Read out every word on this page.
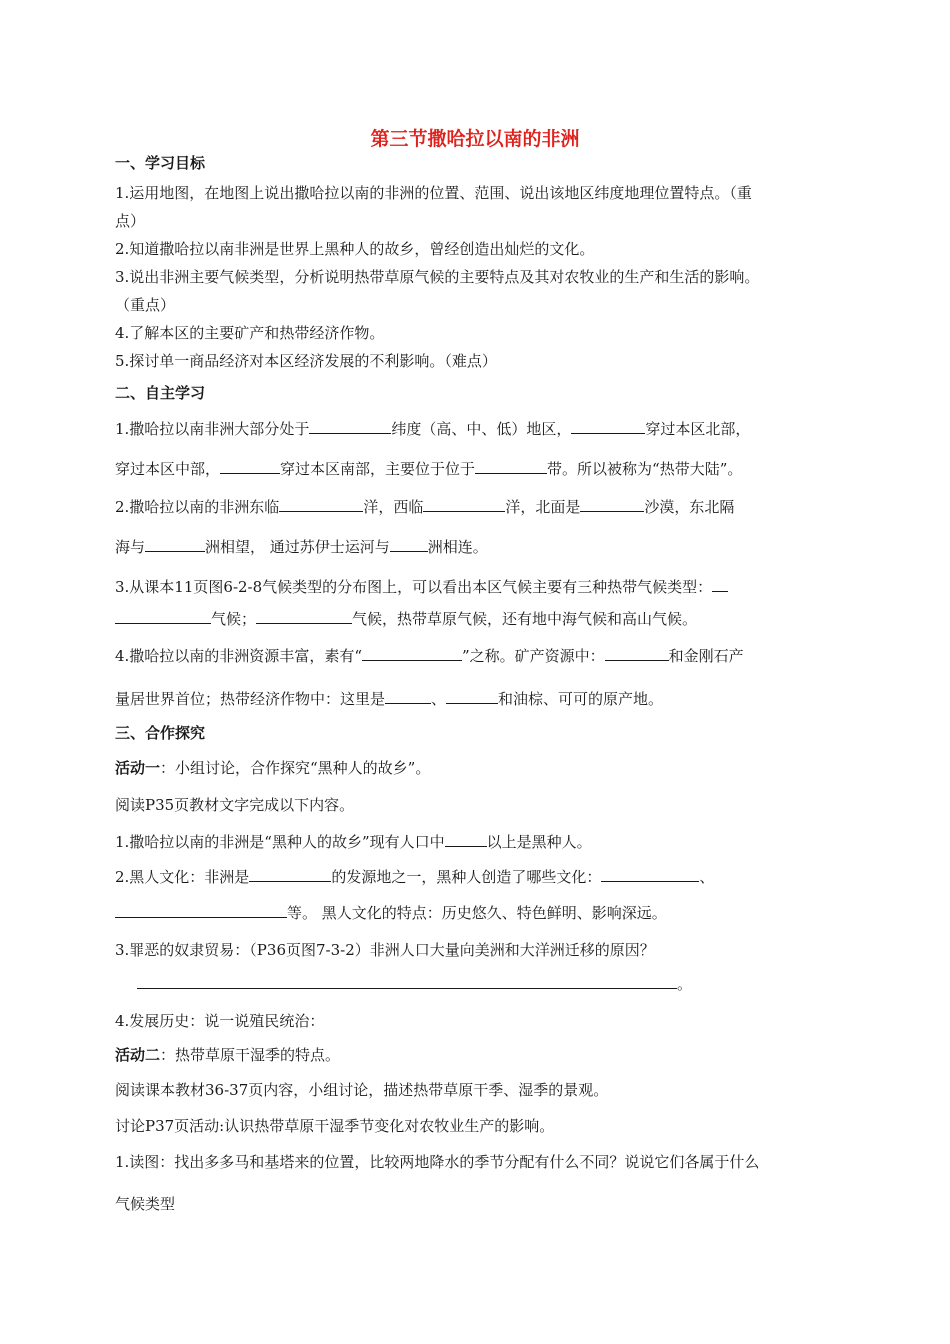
第三节撒哈拉以南的非洲
一、学习目标
1.运用地图，在地图上说出撒哈拉以南的非洲的位置、范围、说出该地区纬度地理位置特点。（重
点）
2.知道撒哈拉以南非洲是世界上黑种人的故乡，曾经创造出灿烂的文化。
3.说出非洲主要气候类型，分析说明热带草原气候的主要特点及其对农牧业的生产和生活的影响。
（重点）
4.了解本区的主要矿产和热带经济作物。
5.探讨单一商品经济对本区经济发展的不利影响。（难点）
二、自主学习
1.撒哈拉以南非洲大部分处于	纬度（高、中、低）地区，	穿过本区北部，
穿过本区中部，	穿过本区南部，主要位于位于	带。所以被称为“热带大陆”。
2.撒哈拉以南的非洲东临	洋，西临	洋，北面是	沙漠，东北隔
海与	洲相望， 通过苏伊士运河与	洲相连。
3.从课本11页图6-2-8气候类型的分布图上，可以看出本区气候主要有三种热带气候类型：
气候；	气候，热带草原气候，还有地中海气候和高山气候。
4.撒哈拉以南的非洲资源丰富，素有“	”之称。矿产资源中：	和金刚石产
量居世界首位；热带经济作物中：这里是	、	和油棕、可可的原产地。
三、合作探究
活动一：小组讨论，合作探究“黑种人的故乡”。
阅读P35页教材文字完成以下内容。
1.撒哈拉以南的非洲是“黑种人的故乡”现有人口中	以上是黑种人。
2.黑人文化：非洲是	的发源地之一，黑种人创造了哪些文化：	、
等。 黑人文化的特点：历史悠久、特色鲜明、影响深远。
3.罪恶的奴隶贸易：（P36页图7-3-2）非洲人口大量向美洲和大洋洲迁移的原因？
。
4.发展历史：说一说殖民统治：
活动二：热带草原干湿季的特点。
阅读课本教材36-37页内容，小组讨论，描述热带草原干季、湿季的景观。
讨论P37页活动:认识热带草原干湿季节变化对农牧业生产的影响。
1.读图：找出多多马和基塔来的位置，比较两地降水的季节分配有什么不同？说说它们各属于什么
气候类型
